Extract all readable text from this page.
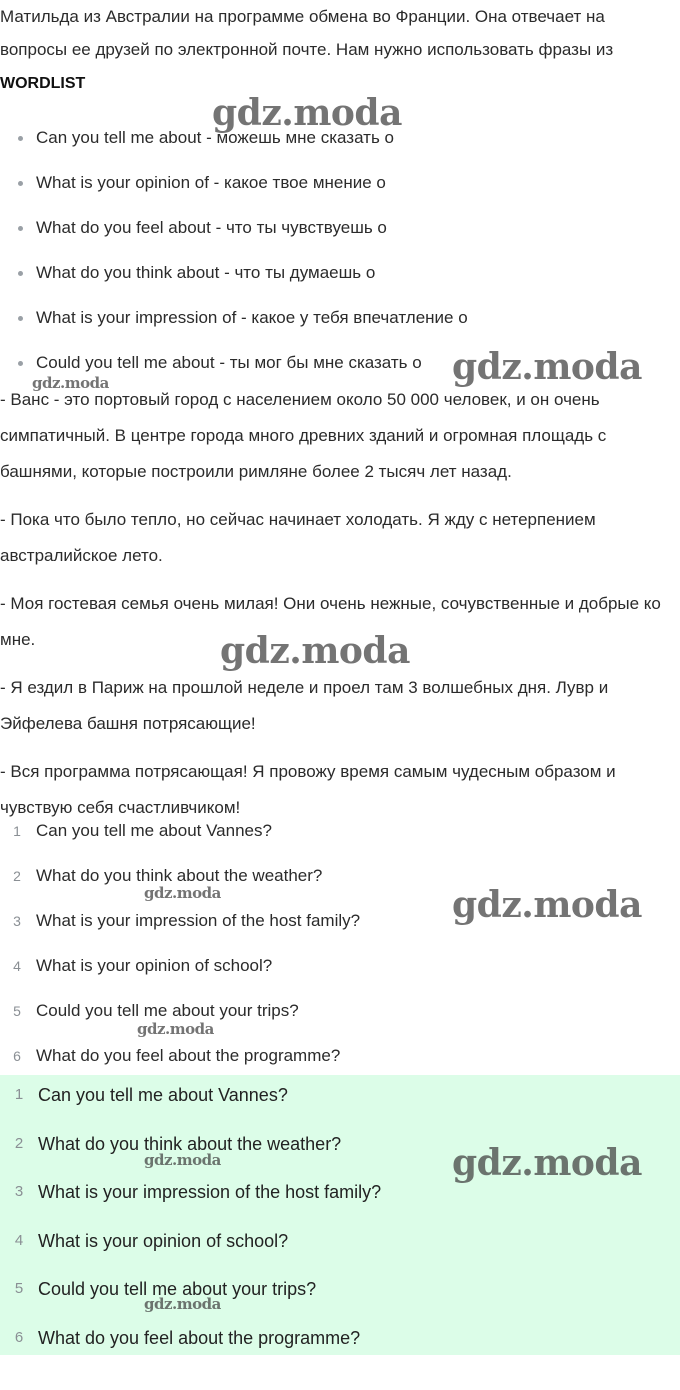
Матильда из Австралии на программе обмена во Франции. Она отвечает на вопросы ее друзей по электронной почте. Нам нужно использовать фразы из

WORDLIST

Can you tell me about - можешь мне сказать о
What is your opinion of - какое твое мнение о
What do you feel about - что ты чувствуешь о
What do you think about - что ты думаешь о
What is your impression of - какое у тебя впечатление о
Could you tell me about - ты мог бы мне сказать о

- Ванс - это портовый город с населением около 50 000 человек, и он очень симпатичный. В центре города много древних зданий и огромная площадь с башнями, которые построили римляне более 2 тысяч лет назад.

- Пока что было тепло, но сейчас начинает холодать. Я жду с нетерпением австралийское лето.

- Моя гостевая семья очень милая! Они очень нежные, сочувственные и добрые ко мне.

- Я ездил в Париж на прошлой неделе и проел там 3 волшебных дня. Лувр и Эйфелева башня потрясающие!

- Вся программа потрясающая! Я провожу время самым чудесным образом и чувствую себя счастливчиком!

1 Can you tell me about Vannes?
2 What do you think about the weather?
3 What is your impression of the host family?
4 What is your opinion of school?
5 Could you tell me about your trips?
6 What do you feel about the programme?
1 Can you tell me about Vannes?
2 What do you think about the weather?
3 What is your impression of the host family?
4 What is your opinion of school?
5 Could you tell me about your trips?
6 What do you feel about the programme?
gdz.moda
gdz.moda
gdz.moda
gdz.moda
gdz.moda	gdz.moda
gdz.moda
gdz.moda	gdz.moda
gdz.moda
